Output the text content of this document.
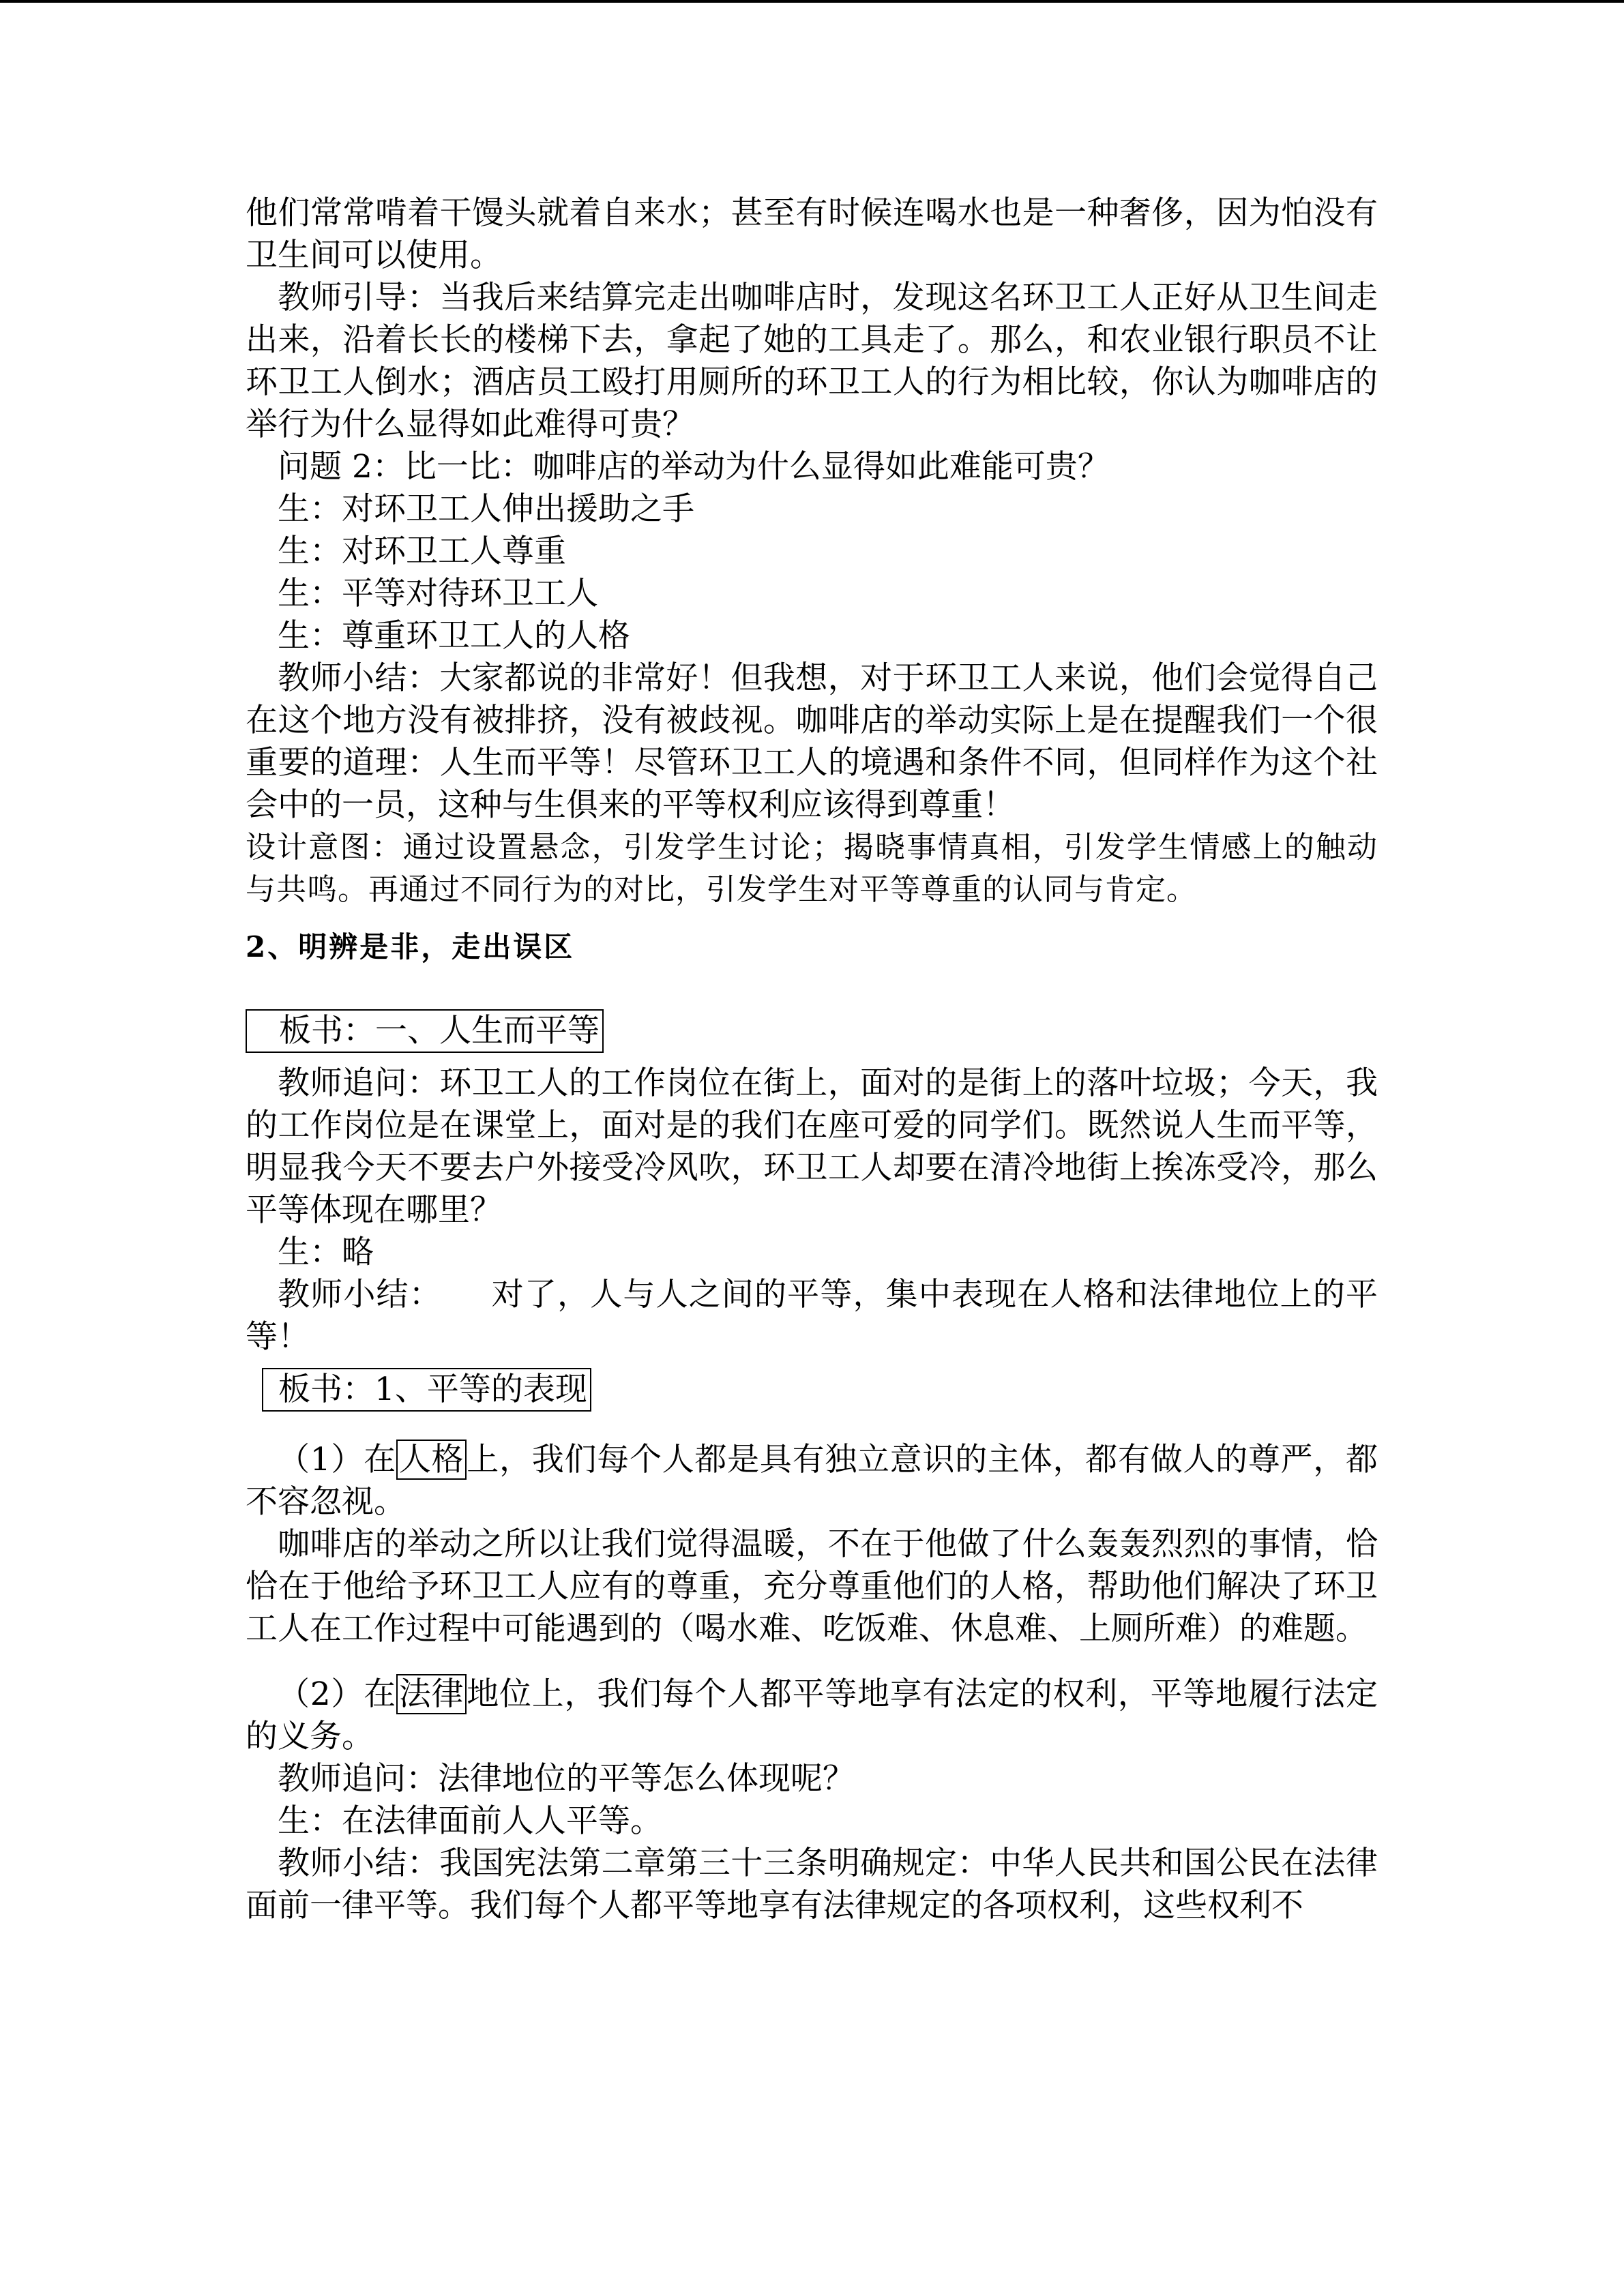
他们常常啃着干馒头就着自来水；甚至有时候连喝水也是一种奢侈，因为怕没有卫生间可以使用。

教师引导：当我后来结算完走出咖啡店时，发现这名环卫工人正好从卫生间走出来，沿着长长的楼梯下去，拿起了她的工具走了。那么，和农业银行职员不让环卫工人倒水；酒店员工殴打用厕所的环卫工人的行为相比较，你认为咖啡店的举行为什么显得如此难得可贵？

问题 2：比一比：咖啡店的举动为什么显得如此难能可贵？

生：对环卫工人伸出援助之手

生：对环卫工人尊重

生：平等对待环卫工人

生：尊重环卫工人的人格

教师小结：大家都说的非常好！但我想，对于环卫工人来说，他们会觉得自己在这个地方没有被排挤，没有被歧视。咖啡店的举动实际上是在提醒我们一个很重要的道理：人生而平等！尽管环卫工人的境遇和条件不同，但同样作为这个社会中的一员，这种与生俱来的平等权利应该得到尊重！

设计意图：通过设置悬念，引发学生讨论；揭晓事情真相，引发学生情感上的触动与共鸣。再通过不同行为的对比，引发学生对平等尊重的认同与肯定。

2、明辨是非，走出误区

板书：一、人生而平等

教师追问：环卫工人的工作岗位在街上，面对的是街上的落叶垃圾；今天，我的工作岗位是在课堂上，面对是的我们在座可爱的同学们。既然说人生而平等，明显我今天不要去户外接受冷风吹，环卫工人却要在清冷地街上挨冻受冷，那么平等体现在哪里？

生：略

教师小结：　　对了，人与人之间的平等，集中表现在人格和法律地位上的平等！

板书：1、平等的表现

（1）在人格上，我们每个人都是具有独立意识的主体，都有做人的尊严，都不容忽视。

咖啡店的举动之所以让我们觉得温暖，不在于他做了什么轰轰烈烈的事情，恰恰在于他给予环卫工人应有的尊重，充分尊重他们的人格，帮助他们解决了环卫工人在工作过程中可能遇到的（喝水难、吃饭难、休息难、上厕所难）的难题。

（2）在法律地位上，我们每个人都平等地享有法定的权利，平等地履行法定的义务。

教师追问：法律地位的平等怎么体现呢？

生：在法律面前人人平等。

教师小结：我国宪法第二章第三十三条明确规定：中华人民共和国公民在法律面前一律平等。我们每个人都平等地享有法律规定的各项权利，这些权利不
